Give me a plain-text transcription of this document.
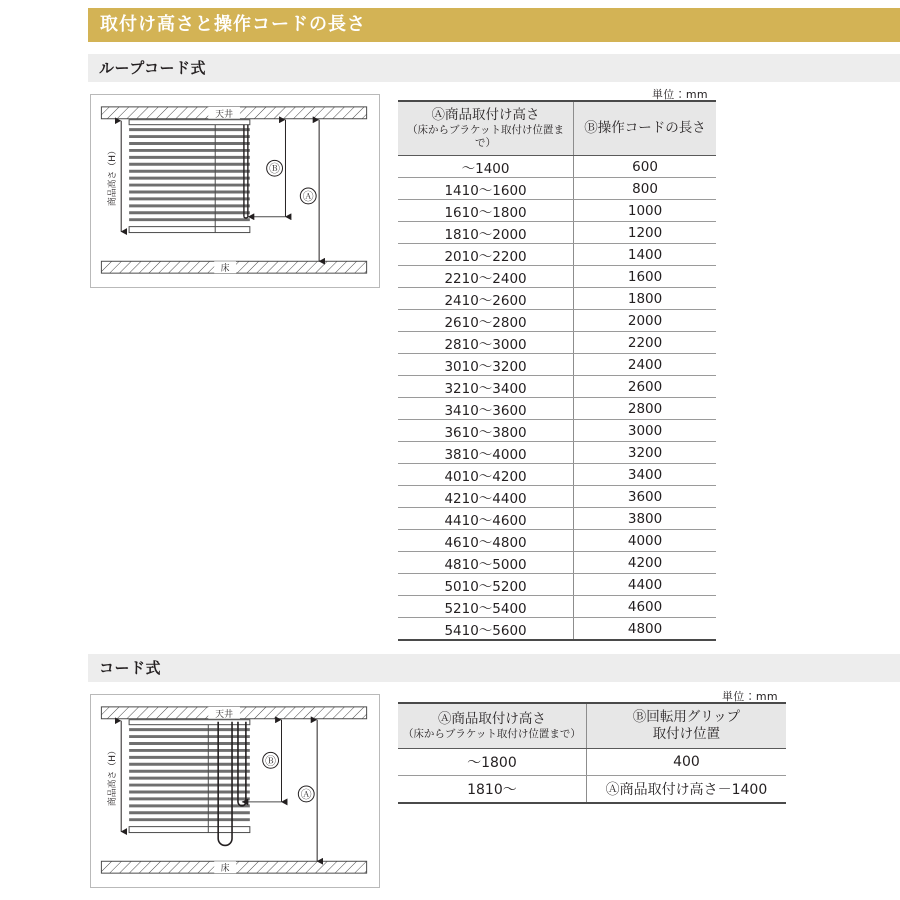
取付け高さと操作コードの長さ
ループコード式
単位：mm
天井
床
商品高さ（H）	Ⓑ
Ⓐ
Ⓐ商品取付け高さ
（床からブラケット取付け位置まで）	Ⓑ操作コードの長さ

〜1400	600
1410〜1600	800
1610〜1800	1000
1810〜2000	1200
2010〜2200	1400
2210〜2400	1600
2410〜2600	1800
2610〜2800	2000
2810〜3000	2200
3010〜3200	2400
3210〜3400	2600
3410〜3600	2800
3610〜3800	3000
3810〜4000	3200
4010〜4200	3400
4210〜4400	3600
4410〜4600	3800
4610〜4800	4000
4810〜5000	4200
5010〜5200	4400
5210〜5400	4600
5410〜5600	4800
コード式
単位：mm
天井
床
商品高さ（H）	Ⓑ
Ⓐ
Ⓐ商品取付け高さ
（床からブラケット取付け位置まで）	Ⓑ回転用グリップ
取付け位置

〜1800	400
1810〜	Ⓐ商品取付け高さ－1400
